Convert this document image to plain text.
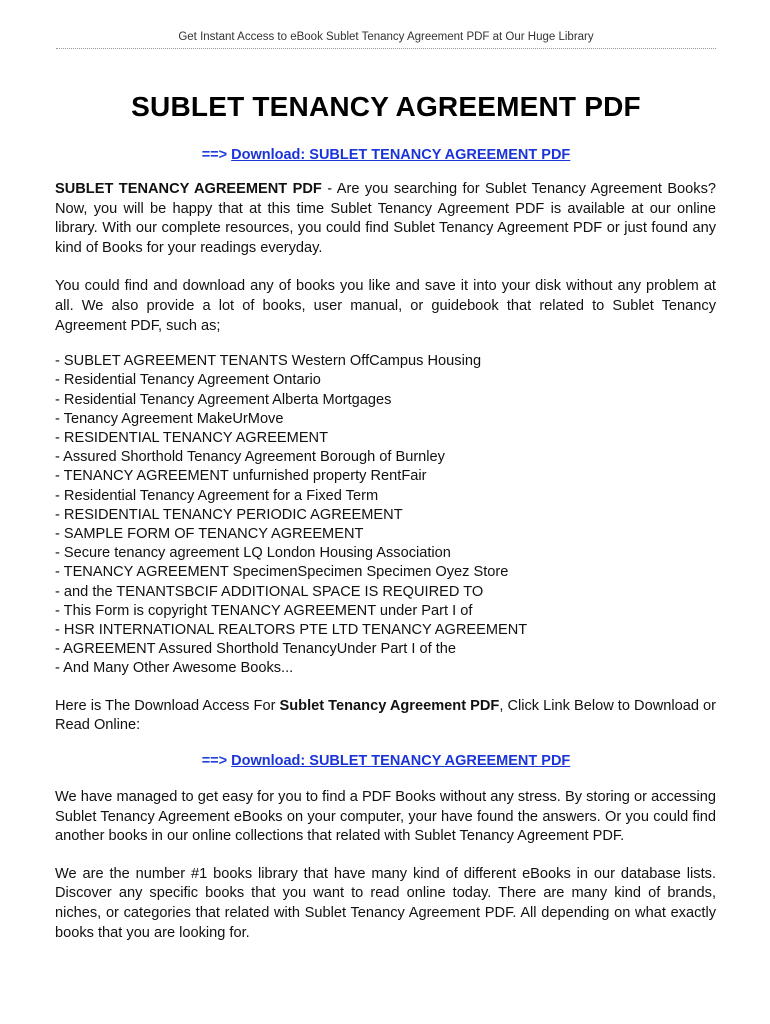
Get Instant Access to eBook Sublet Tenancy Agreement PDF at Our Huge Library
SUBLET TENANCY AGREEMENT PDF
==> Download: SUBLET TENANCY AGREEMENT PDF

SUBLET TENANCY AGREEMENT PDF - Are you searching for Sublet Tenancy Agreement Books? Now, you will be happy that at this time Sublet Tenancy Agreement PDF is available at our online library. With our complete resources, you could find Sublet Tenancy Agreement PDF or just found any kind of Books for your readings everyday.

You could find and download any of books you like and save it into your disk without any problem at all. We also provide a lot of books, user manual, or guidebook that related to Sublet Tenancy Agreement PDF, such as;

- SUBLET AGREEMENT TENANTS Western OffCampus Housing
- Residential Tenancy Agreement Ontario
- Residential Tenancy Agreement Alberta Mortgages
- Tenancy Agreement MakeUrMove
- RESIDENTIAL TENANCY AGREEMENT
- Assured Shorthold Tenancy Agreement Borough of Burnley
- TENANCY AGREEMENT unfurnished property RentFair
- Residential Tenancy Agreement for a Fixed Term
- RESIDENTIAL TENANCY PERIODIC AGREEMENT
- SAMPLE FORM OF TENANCY AGREEMENT
- Secure tenancy agreement LQ London Housing Association
- TENANCY AGREEMENT SpecimenSpecimen Specimen Oyez Store
- and the TENANTSBCIF ADDITIONAL SPACE IS REQUIRED TO
- This Form is copyright TENANCY AGREEMENT under Part I of
- HSR INTERNATIONAL REALTORS PTE LTD TENANCY AGREEMENT
- AGREEMENT Assured Shorthold TenancyUnder Part I of the
- And Many Other Awesome Books...

Here is The Download Access For Sublet Tenancy Agreement PDF, Click Link Below to Download or Read Online:

==> Download: SUBLET TENANCY AGREEMENT PDF

We have managed to get easy for you to find a PDF Books without any stress. By storing or accessing Sublet Tenancy Agreement eBooks on your computer, your have found the answers. Or you could find another books in our online collections that related with Sublet Tenancy Agreement PDF.

We are the number #1 books library that have many kind of different eBooks in our database lists. Discover any specific books that you want to read online today. There are many kind of brands, niches, or categories that related with Sublet Tenancy Agreement PDF. All depending on what exactly books that you are looking for.
